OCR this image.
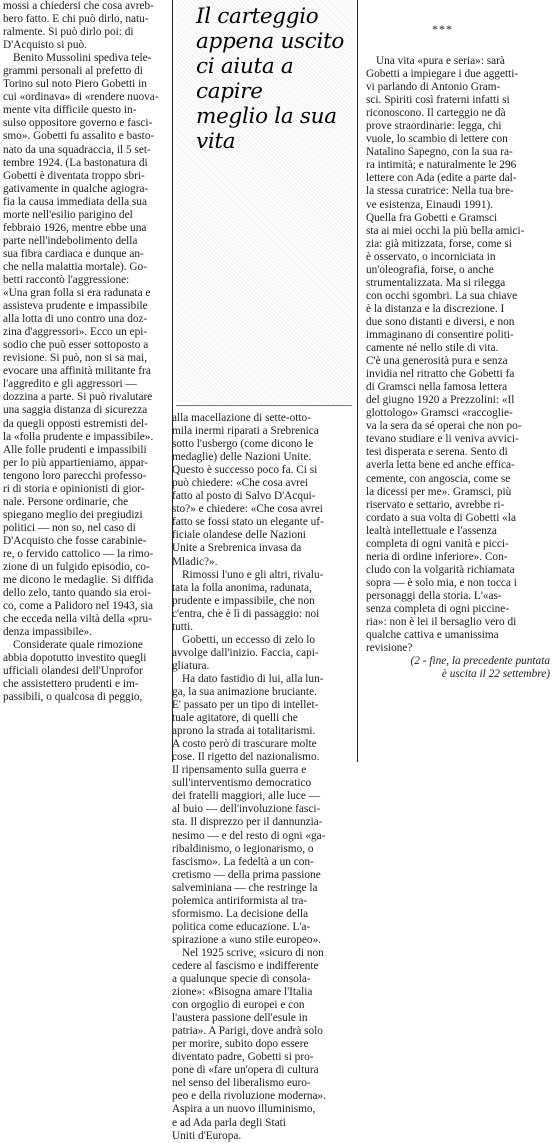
Il carteggio
appena uscito
ci aiuta a capire
meglio la sua vita
***
mossi a chiedersi che cosa avreb-
bero fatto. E chi può dirlo, natu-
ralmente. Si può dirlo poi: di
D'Acquisto si può.
Benito Mussolini spediva tele-
grammi personali al prefetto di
Torino sul noto Piero Gobetti in
cui «ordinava» di «rendere nuova-
mente vita difficile questo in-
sulso oppositore governo e fasci-
smo». Gobetti fu assalito e basto-
nato da una squadraccia, il 5 set-
tembre 1924. (La bastonatura di
Gobetti è diventata troppo sbri-
gativamente in qualche agiogra-
fia la causa immediata della sua
morte nell'esilio parigino del
febbraio 1926, mentre ebbe una
parte nell'indebolimento della
sua fibra cardiaca e dunque an-
che nella malattia mortale). Go-
betti raccontò l'aggressione:
«Una gran folla si era radunata e
assisteva prudente e impassibile
alla lotta di uno contro una doz-
zina d'aggressori». Ecco un epi-
sodio che può esser sottoposto a
revisione. Si può, non si sa mai,
evocare una affinità militante fra
l'aggredito e gli aggressori —
dozzina a parte. Si può rivalutare
una saggia distanza di sicurezza
da quegli opposti estremisti del-
la «folla prudente e impassibile».
Alle folle prudenti e impassibili
per lo più appartieniamo, appar-
tengono loro parecchi professo-
ri di storia e opinionisti di gior-
nale. Persone ordinarie, che
spiegano meglio dei pregiudizi
politici — non so, nel caso di
D'Acquisto che fosse carabinie-
re, o fervido cattolico — la rimo-
zione di un fulgido episodio, co-
me dicono le medaglie. Si diffida
dello zelo, tanto quando sia eroi-
co, come a Palidoro nel 1943, sia
che ecceda nella viltà della «pru-
denza impassibile».
Considerate quale rimozione
abbia dopotutto investito quegli
ufficiali olandesi dell'Unprofor
che assistettero prudenti e im-
passibili, o qualcosa di peggio,
alla macellazione di sette-otto-
mila inermi riparati a Srebrenica
sotto l'usbergo (come dicono le
medaglie) delle Nazioni Unite.
Questo è successo poco fa. Ci si
può chiedere: «Che cosa avrei
fatto al posto di Salvo D'Acqui-
sto?» e chiedere: «Che cosa avrei
fatto se fossi stato un elegante uf-
ficiale olandese delle Nazioni
Unite a Srebrenica invasa da
Mladic?».
Rimossi l'uno e gli altri, rivalu-
tata la folla anonima, radunata,
prudente e impassibile, che non
c'entra, che è lì di passaggio: noi
tutti.
Gobetti, un eccesso di zelo lo
avvolge dall'inizio. Faccia, capi-
gliatura.
Ha dato fastidio di lui, alla lun-
ga, la sua animazione bruciante.
E' passato per un tipo di intellet-
tuale agitatore, di quelli che
aprono la strada ai totalitarismi.
A costo però di trascurare molte
cose. Il rigetto del nazionalismo.
Il ripensamento sulla guerra e
sull'interventismo democratico
dei fratelli maggiori, alle luce —
al buio — dell'involuzione fasci-
sta. Il disprezzo per il dannunzia-
nesimo — e del resto di ogni «ga-
ribaldinismo, o legionarismo, o
fascismo». La fedeltà a un con-
cretismo — della prima passione
salveminiana — che restringe la
polemica antiriformista al tra-
sformismo. La decisione della
politica come educazione. L'a-
spirazione a «uno stile europeo».
Nel 1925 scrive, «sicuro di non
cedere al fascismo e indifferente
a qualunque specie di consola-
zione»: «Bisogna amare l'Italia
con orgoglio di europei e con
l'austera passione dell'esule in
patria». A Parigi, dove andrà solo
per morire, subito dopo essere
diventato padre, Gobetti si pro-
pone di «fare un'opera di cultura
nel senso del liberalismo euro-
peo e della rivoluzione moderna».
Aspira a un nuovo illuminismo,
e ad Ada parla degli Stati
Uniti d'Europa.
Una vita «pura e seria»: sarà
Gobetti a impiegare i due aggetti-
vi parlando di Antonio Gram-
sci. Spiriti così fraterni infatti si
riconoscono. Il carteggio ne dà
prove straordinarie: legga, chi
vuole, lo scambio di lettere con
Natalino Sapegno, con la sua ra-
ra intimità; e naturalmente le 296
lettere con Ada (edite a parte dal-
la stessa curatrice: Nella tua bre-
ve esistenza, Einaudi 1991).
Quella fra Gobetti e Gramsci
sta ai miei occhi la più bella amici-
zia: già mitizzata, forse, come si
è osservato, o incorniciata in
un'oleografia, forse, o anche
strumentalizzata. Ma si rilegga
con occhi sgombri. La sua chiave
è la distanza e la discrezione. I
due sono distanti e diversi, e non
immaginano di consentire politi-
camente né nello stile di vita.
C'è una generosità pura e senza
invidia nel ritratto che Gobetti fa
di Gramsci nella famosa lettera
del giugno 1920 a Prezzolini: «Il
glottologo» Gramsci «raccoglie-
va la sera da sé operai che non po-
tevano studiare e li veniva avvici-
tesi disperata e serena. Sento di
averla letta bene ed anche effica-
cemente, con angoscia, come se
la dicessi per me». Gramsci, più
riservato e settario, avrebbe ri-
cordato a sua volta di Gobetti «la
lealtà intellettuale e l'assenza
completa di ogni vanità e picci-
neria di ordine inferiore». Con-
cludo con la volgarità richiamata
sopra — è solo mia, e non tocca i
personaggi della storia. L'«as-
senza completa di ogni piccine-
ria»: non è lei il bersaglio vero di
qualche cattiva e umanissima
revisione?
(2 - fine, la precedente puntata
è uscita il 22 settembre)
